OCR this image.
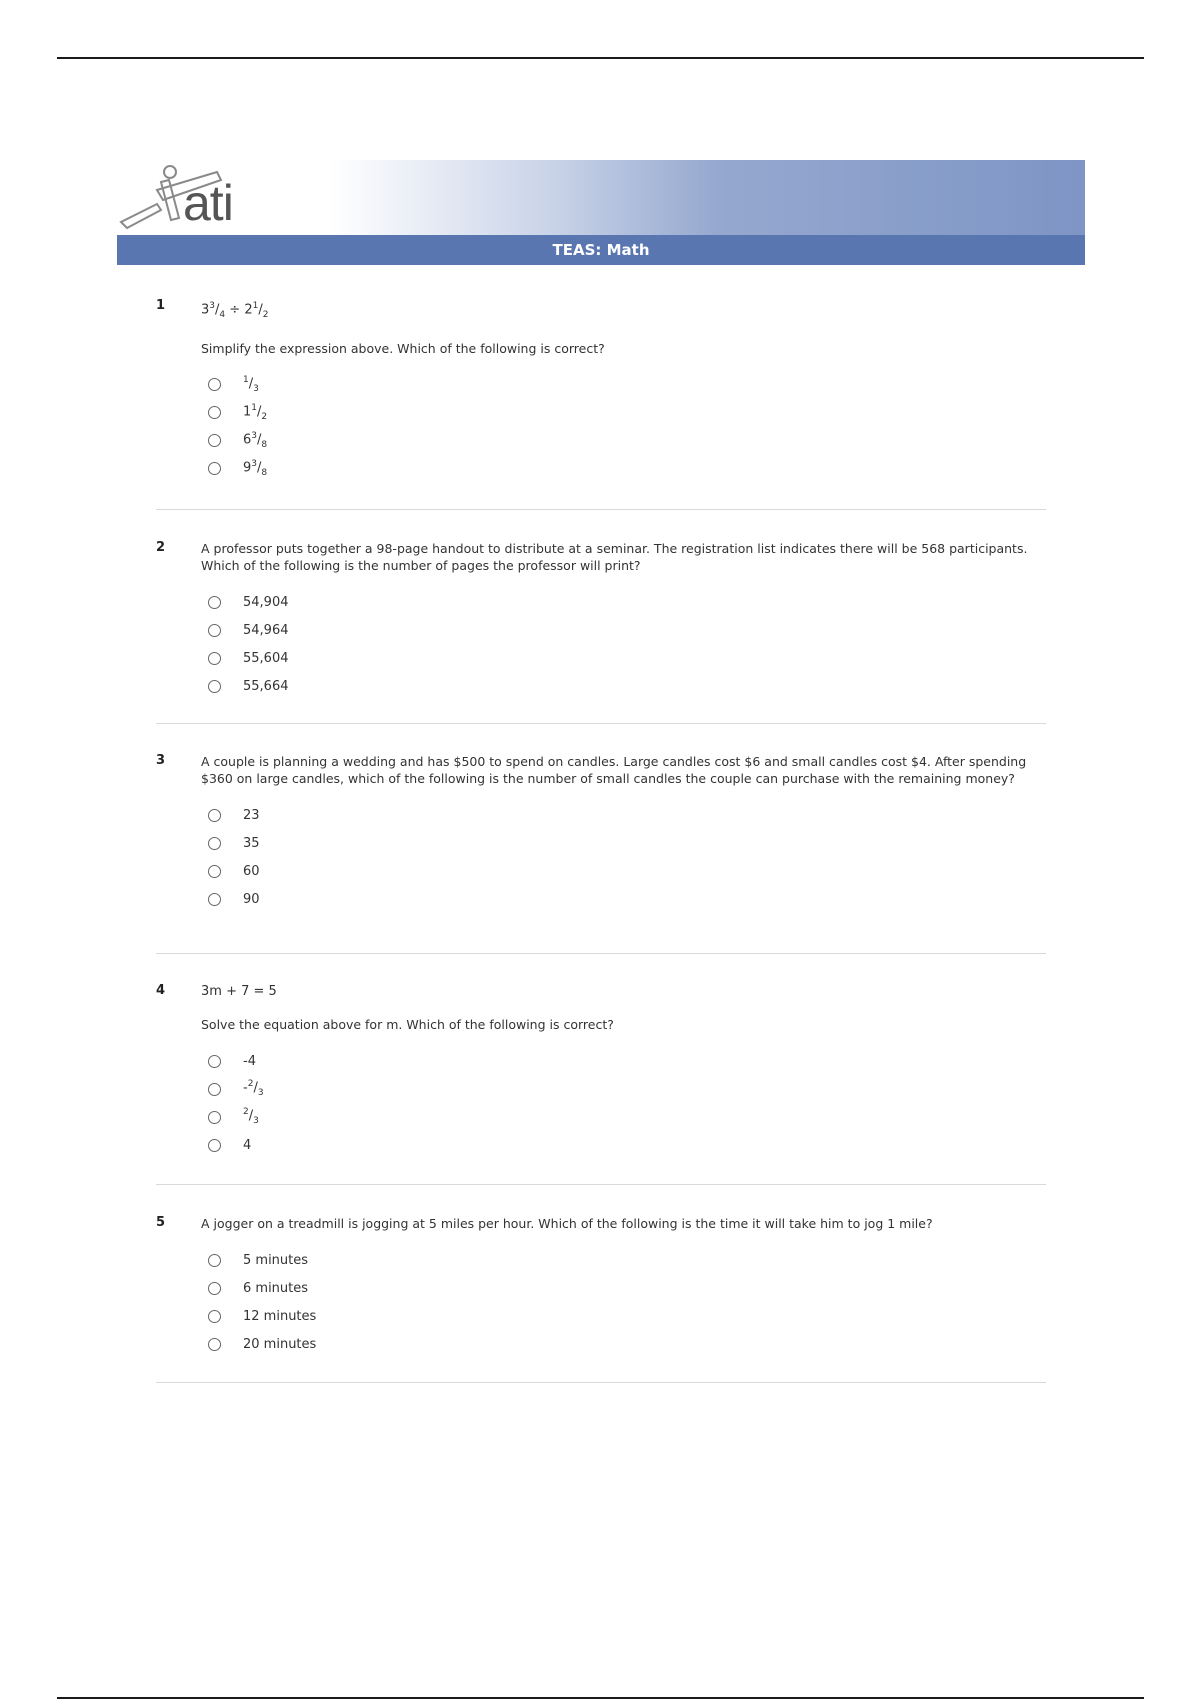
ati
TEAS: Math
1	$3^3/_4 \div 2^1/_2$
Simplify the expression above. Which of the following is correct?
$^1/_3$
$1^1/_2$
$6^3/_8$
$9^3/_8$
2	A professor puts together a 98-page handout to distribute at a seminar. The registration list indicates there will be 568 participants. Which of the following is the number of pages the professor will print?
54,904
54,964
55,604
55,664
3	A couple is planning a wedding and has $500 to spend on candles. Large candles cost $6 and small candles cost $4. After spending $360 on large candles, which of the following is the number of small candles the couple can purchase with the remaining money?
23
35
60
90
4	3m + 7 = 5
Solve the equation above for m. Which of the following is correct?
-4
$-^2/_3$
$^2/_3$
4
5	A jogger on a treadmill is jogging at 5 miles per hour. Which of the following is the time it will take him to jog 1 mile?
5 minutes
6 minutes
12 minutes
20 minutes
